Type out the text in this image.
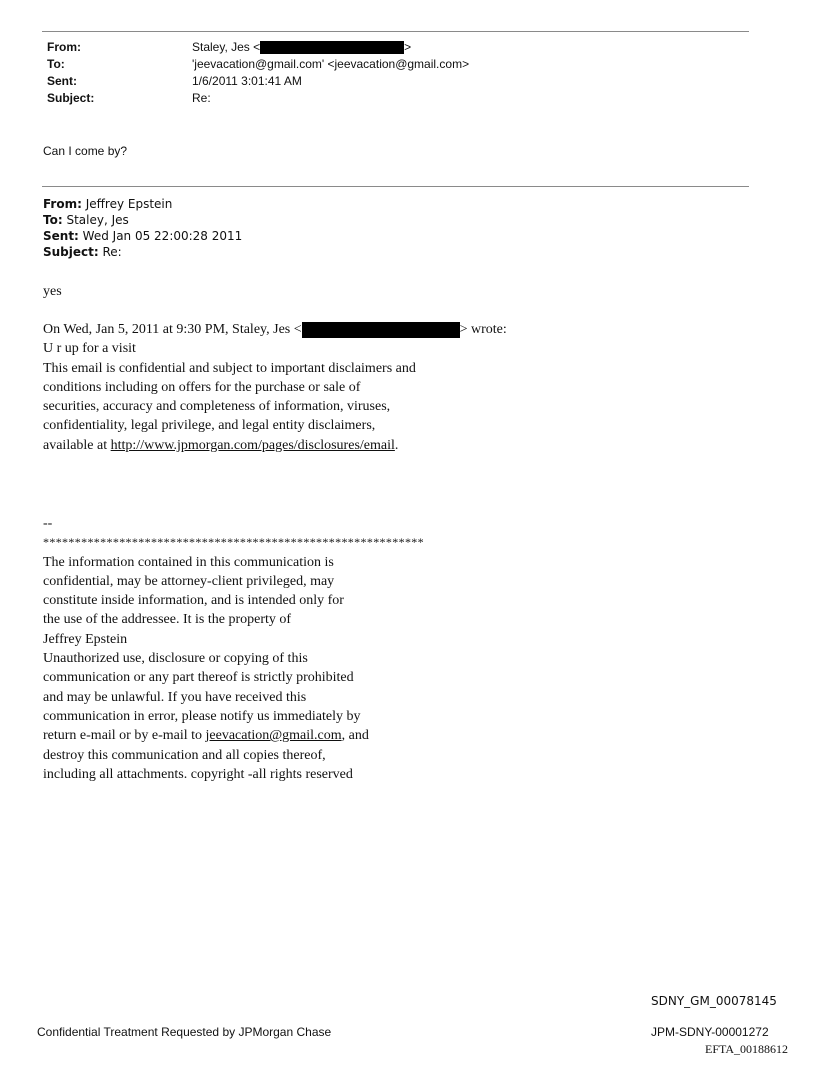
From:	Staley, Jes <	>
To:	'jeevacation@gmail.com' <jeevacation@gmail.com>
Sent:	1/6/2011 3:01:41 AM
Subject:	Re:
Can I come by?
From: Jeffrey Epstein
To: Staley, Jes
Sent: Wed Jan 05 22:00:28 2011
Subject: Re:
yes
On Wed, Jan 5, 2011 at 9:30 PM, Staley, Jes <	> wrote:
U r up for a visit
This email is confidential and subject to important disclaimers and
conditions including on offers for the purchase or sale of
securities, accuracy and completeness of information, viruses,
confidentiality, legal privilege, and legal entity disclaimers,
available at http://www.jpmorgan.com/pages/disclosures/email.
--
************************************************************
The information contained in this communication is
confidential, may be attorney-client privileged, may
constitute inside information, and is intended only for
the use of the addressee. It is the property of
Jeffrey Epstein
Unauthorized use, disclosure or copying of this
communication or any part thereof is strictly prohibited
and may be unlawful. If you have received this
communication in error, please notify us immediately by
return e-mail or by e-mail to jeevacation@gmail.com, and
destroy this communication and all copies thereof,
including all attachments. copyright -all rights reserved
SDNY_GM_00078145
Confidential Treatment Requested by JPMorgan Chase	JPM-SDNY-00001272
EFTA_00188612
